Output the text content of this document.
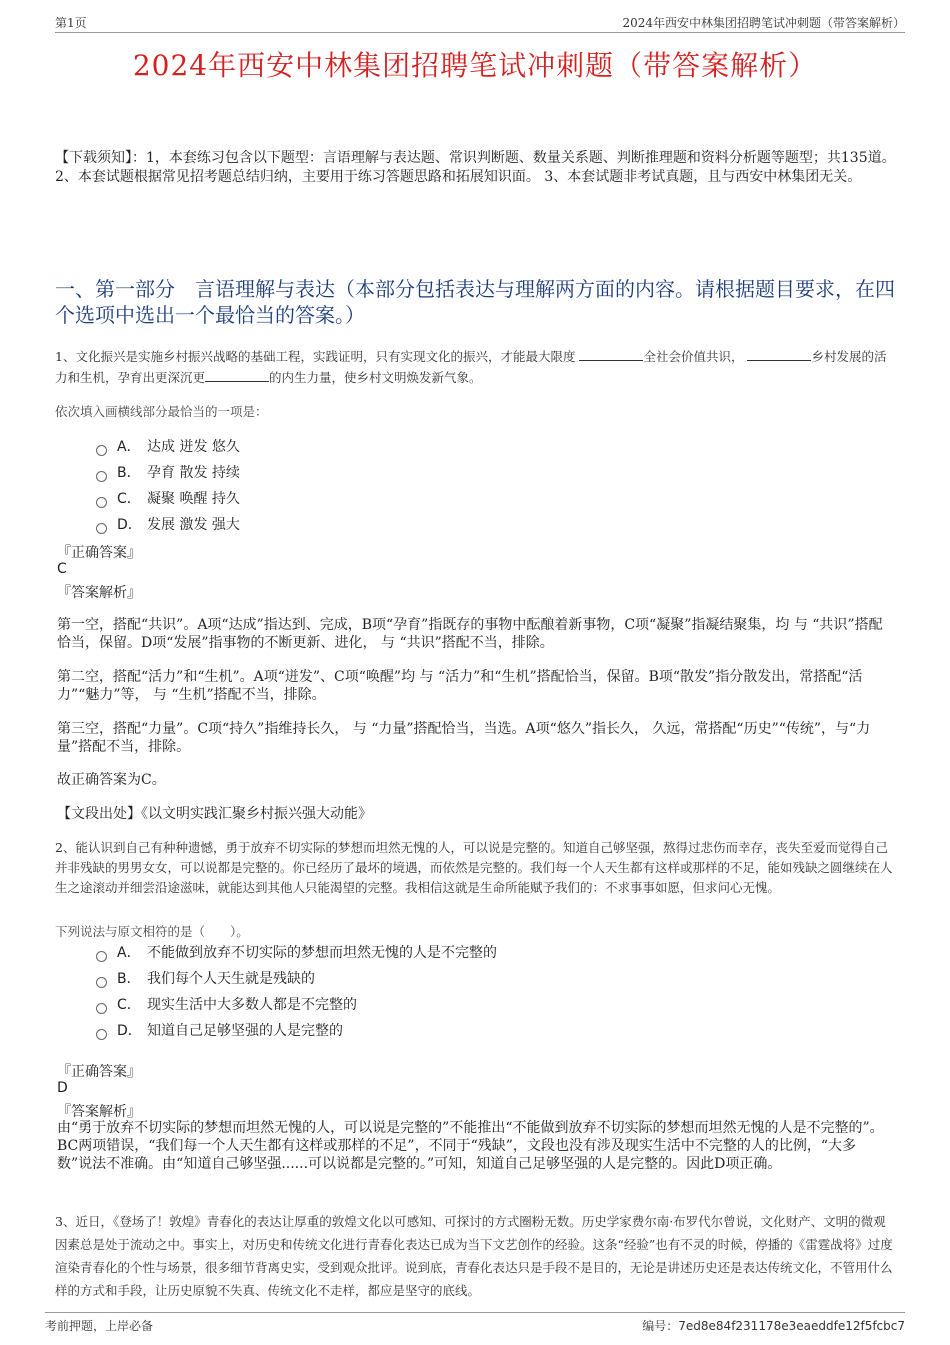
第1页	2024年西安中林集团招聘笔试冲刺题（带答案解析）
2024年西安中林集团招聘笔试冲刺题（带答案解析）
【下载须知】：1，本套练习包含以下题型：言语理解与表达题、常识判断题、数量关系题、判断推理题和资料分析题等题型；共135道。 2、本套试题根据常见招考题总结归纳，主要用于练习答题思路和拓展知识面。 3、本套试题非考试真题，且与西安中林集团无关。
一、第一部分　言语理解与表达（本部分包括表达与理解两方面的内容。请根据题目要求，在四个选项中选出一个最恰当的答案。）
1、文化振兴是实施乡村振兴战略的基础工程，实践证明，只有实现文化的振兴，才能最大限度	全社会价值共识，	乡村发展的活力和生机，孕育出更深沉更	的内生力量，使乡村文明焕发新气象。
依次填入画横线部分最恰当的一项是：
A． 达成 迸发 悠久
B． 孕育 散发 持续
C． 凝聚 唤醒 持久
D． 发展 激发 强大
『正确答案』
C
『答案解析』
第一空，搭配“共识”。A项“达成”指达到、完成，B项“孕育”指既存的事物中酝酿着新事物，C项“凝聚”指凝结聚集，均 与 “共识”搭配恰当，保留。D项“发展”指事物的不断更新、进化， 与 “共识”搭配不当，排除。
第二空，搭配“活力”和“生机”。A项“迸发”、C项“唤醒”均 与 “活力”和“生机”搭配恰当，保留。B项“散发”指分散发出，常搭配“活力”“魅力”等， 与 “生机”搭配不当，排除。
第三空，搭配“力量”。C项“持久”指维持长久， 与 “力量”搭配恰当，当选。A项“悠久”指长久， 久远，常搭配“历史”“传统”，与“力量”搭配不当，排除。
故正确答案为C。
【文段出处】《以文明实践汇聚乡村振兴强大动能》
2、能认识到自己有种种遗憾，勇于放弃不切实际的梦想而坦然无愧的人，可以说是完整的。知道自己够坚强，熬得过悲伤而幸存，丧失至爱而觉得自己并非残缺的男男女女，可以说都是完整的。你已经历了最坏的境遇，而依然是完整的。我们每一个人天生都有这样或那样的不足，能如残缺之圆继续在人生之途滚动并细尝沿途滋味，就能达到其他人只能渴望的完整。我相信这就是生命所能赋予我们的：不求事事如愿，但求问心无愧。
下列说法与原文相符的是（　　）。
A． 不能做到放弃不切实际的梦想而坦然无愧的人是不完整的
B． 我们每个人天生就是残缺的
C． 现实生活中大多数人都是不完整的
D． 知道自己足够坚强的人是完整的
『正确答案』
D
『答案解析』
由“勇于放弃不切实际的梦想而坦然无愧的人，可以说是完整的”不能推出“不能做到放弃不切实际的梦想而坦然无愧的人是不完整的”。BC两项错误，“我们每一个人天生都有这样或那样的不足”，不同于“残缺”，文段也没有涉及现实生活中不完整的人的比例，“大多数”说法不准确。由“知道自己够坚强......可以说都是完整的。”可知，知道自己足够坚强的人是完整的。因此D项正确。
3、近日，《登场了！敦煌》青春化的表达让厚重的敦煌文化以可感知、可探讨的方式圈粉无数。历史学家费尔南·布罗代尔曾说，文化财产、文明的微观因素总是处于流动之中。事实上，对历史和传统文化进行青春化表达已成为当下文艺创作的经验。这条“经验”也有不灵的时候，停播的《雷霆战将》过度渲染青春化的个性与场景，很多细节背离史实，受到观众批评。说到底，青春化表达只是手段不是目的，无论是讲述历史还是表达传统文化，不管用什么样的方式和手段，让历史原貌不失真、传统文化不走样，都应是坚守的底线。
考前押题，上岸必备	编号：7ed8e84f231178e3eaeddfe12f5fcbc7
